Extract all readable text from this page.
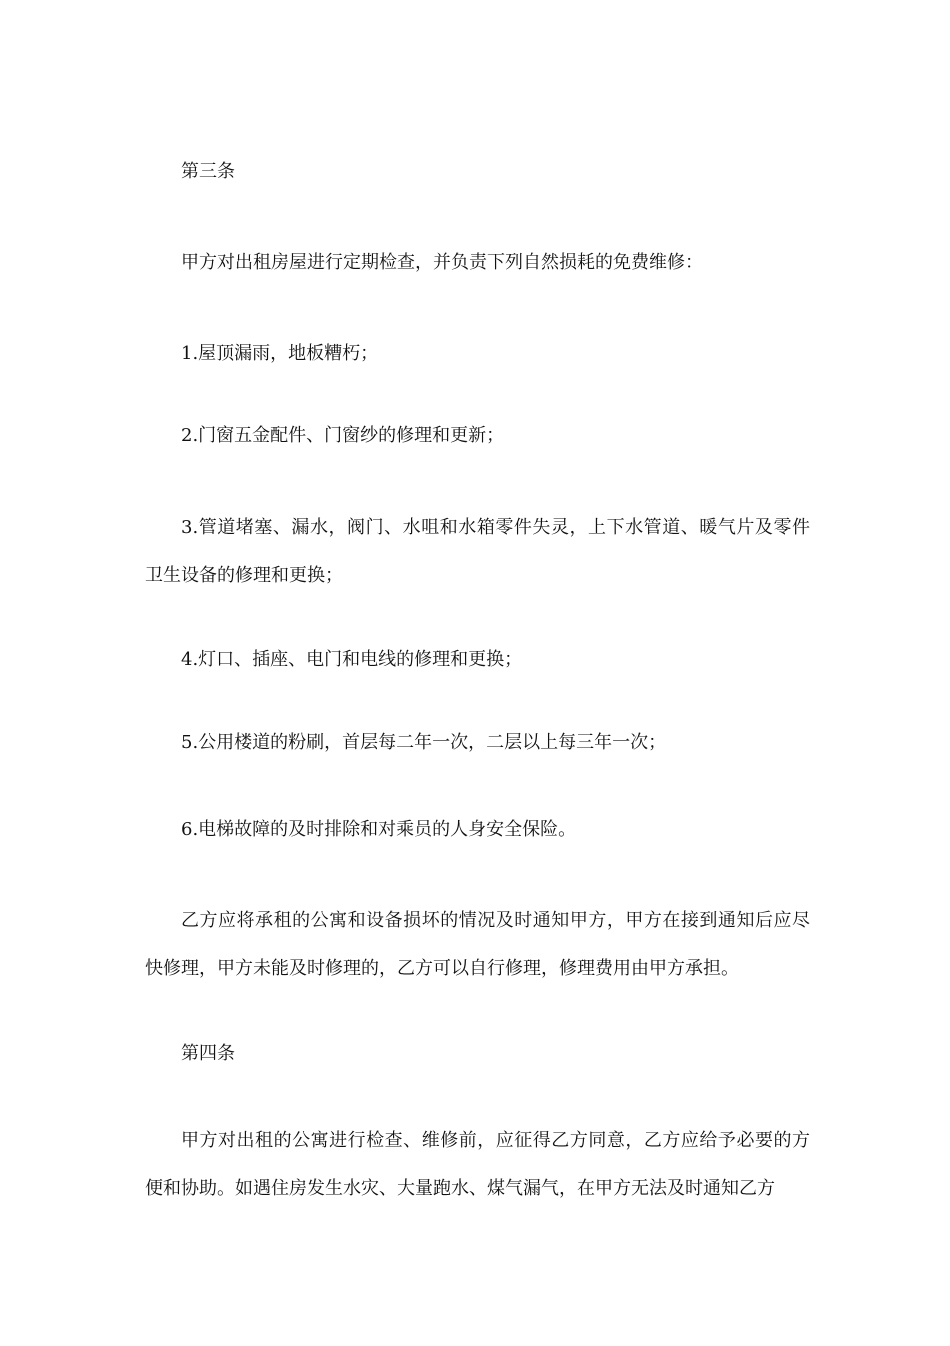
第三条

甲方对出租房屋进行定期检查，并负责下列自然损耗的免费维修：

1.屋顶漏雨，地板糟朽；

2.门窗五金配件、门窗纱的修理和更新；

3.管道堵塞、漏水，阀门、水咀和水箱零件失灵，上下水管道、暖气片及零件卫生设备的修理和更换；

4.灯口、插座、电门和电线的修理和更换；

5.公用楼道的粉刷，首层每二年一次，二层以上每三年一次；

6.电梯故障的及时排除和对乘员的人身安全保险。

乙方应将承租的公寓和设备损坏的情况及时通知甲方，甲方在接到通知后应尽快修理，甲方未能及时修理的，乙方可以自行修理，修理费用由甲方承担。

第四条

甲方对出租的公寓进行检查、维修前，应征得乙方同意，乙方应给予必要的方便和协助。如遇住房发生水灾、大量跑水、煤气漏气，在甲方无法及时通知乙方
